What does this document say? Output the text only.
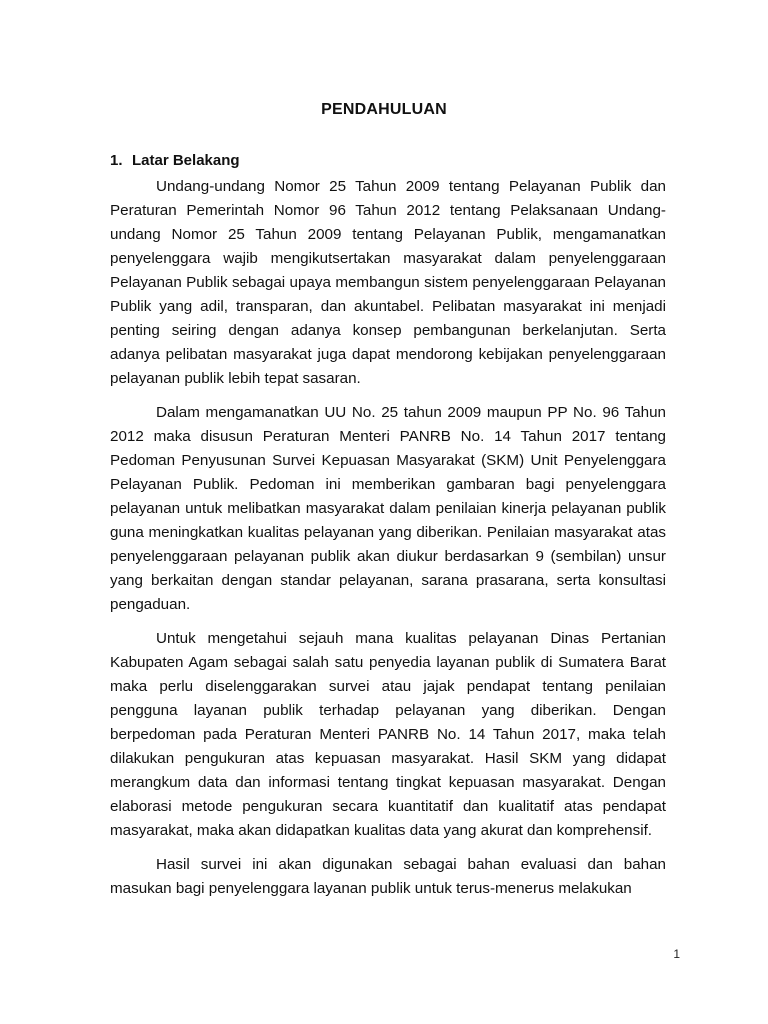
PENDAHULUAN
1. Latar Belakang

Undang-undang Nomor 25 Tahun 2009 tentang Pelayanan Publik dan Peraturan Pemerintah Nomor 96 Tahun 2012 tentang Pelaksanaan Undang-undang Nomor 25 Tahun 2009 tentang Pelayanan Publik, mengamanatkan penyelenggara wajib mengikutsertakan masyarakat dalam penyelenggaraan Pelayanan Publik sebagai upaya membangun sistem penyelenggaraan Pelayanan Publik yang adil, transparan, dan akuntabel. Pelibatan masyarakat ini menjadi penting seiring dengan adanya konsep pembangunan berkelanjutan. Serta adanya pelibatan masyarakat juga dapat mendorong kebijakan penyelenggaraan pelayanan publik lebih tepat sasaran.

Dalam mengamanatkan UU No. 25 tahun 2009 maupun PP No. 96 Tahun 2012 maka disusun Peraturan Menteri PANRB No. 14 Tahun 2017 tentang Pedoman Penyusunan Survei Kepuasan Masyarakat (SKM) Unit Penyelenggara Pelayanan Publik. Pedoman ini memberikan gambaran bagi penyelenggara pelayanan untuk melibatkan masyarakat dalam penilaian kinerja pelayanan publik guna meningkatkan kualitas pelayanan yang diberikan. Penilaian masyarakat atas penyelenggaraan pelayanan publik akan diukur berdasarkan 9 (sembilan) unsur yang berkaitan dengan standar pelayanan, sarana prasarana, serta konsultasi pengaduan.

Untuk mengetahui sejauh mana kualitas pelayanan Dinas Pertanian Kabupaten Agam sebagai salah satu penyedia layanan publik di Sumatera Barat maka perlu diselenggarakan survei atau jajak pendapat tentang penilaian pengguna layanan publik terhadap pelayanan yang diberikan. Dengan berpedoman pada Peraturan Menteri PANRB No. 14 Tahun 2017, maka telah dilakukan pengukuran atas kepuasan masyarakat. Hasil SKM yang didapat merangkum data dan informasi tentang tingkat kepuasan masyarakat. Dengan elaborasi metode pengukuran secara kuantitatif dan kualitatif atas pendapat masyarakat, maka akan didapatkan kualitas data yang akurat dan komprehensif.

Hasil survei ini akan digunakan sebagai bahan evaluasi dan bahan masukan bagi penyelenggara layanan publik untuk terus-menerus melakukan

1
